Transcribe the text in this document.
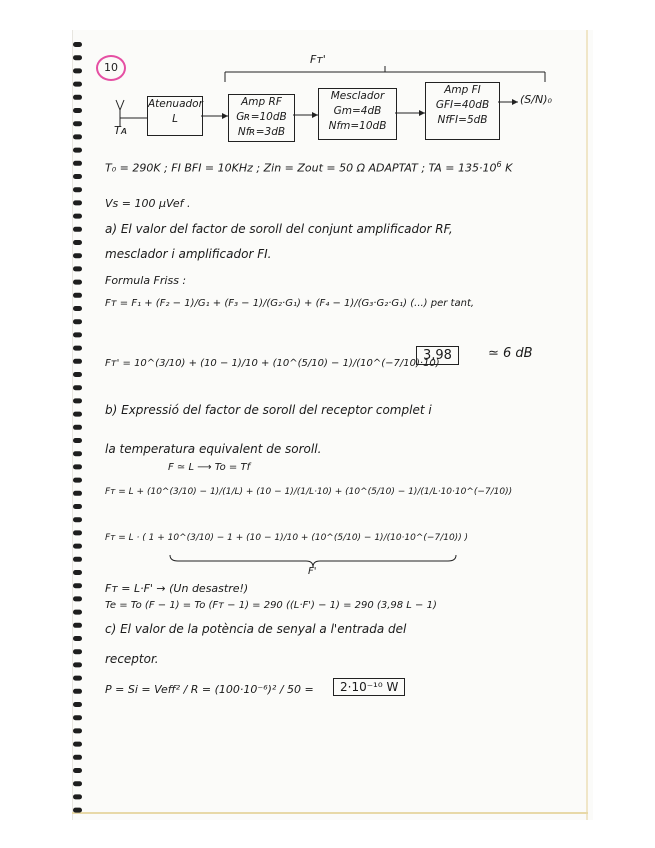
10
Fᴛ'
Tᴀ
Atenuador
L
Amp RF
Gʀ=10dB
Nfʀ=3dB
Mesclador
Gm=4dB
Nfm=10dB
Amp FI
GFI=40dB
NfFI=5dB
(S/N)₀
T₀ = 290K ; FI BFI = 10KHz ; Zin = Zout = 50 Ω ADAPTAT ; TA = $135\cdot 10^6$ K
Vs = 100 μVef .
a) El valor del factor de soroll del conjunt amplificador RF,
mesclador i amplificador FI.
Formula Friss :
Fᴛ = F₁ + (F₂ − 1)/G₁ + (F₃ − 1)/(G₂·G₁) + (F₄ − 1)/(G₃·G₂·G₁) (...) per tant,
Fᴛ' = 10^(3/10) + (10 − 1)/10 + (10^(5/10) − 1)/(10^(−7/10)·10)
3,98	≃ 6 dB
b) Expressió del factor de soroll del receptor complet i
la temperatura equivalent de soroll.
F ≃ L ⟶ To = Tf
Fᴛ = L + (10^(3/10) − 1)/(1/L) + (10 − 1)/(1/L·10) + (10^(5/10) − 1)/(1/L·10·10^(−7/10))
Fᴛ = L · ( 1 + 10^(3/10) − 1 + (10 − 1)/10 + (10^(5/10) − 1)/(10·10^(−7/10)) )
F'
Fᴛ = L·F' → (Un desastre!)
Te = To (F − 1) = To (Fᴛ − 1) = 290 ((L·F') − 1) = 290 (3,98 L − 1)
c) El valor de la potència de senyal a l'entrada del
receptor.
P = Si = Veff² / R = (100·10⁻⁶)² / 50 =	2·10⁻¹⁰ W
